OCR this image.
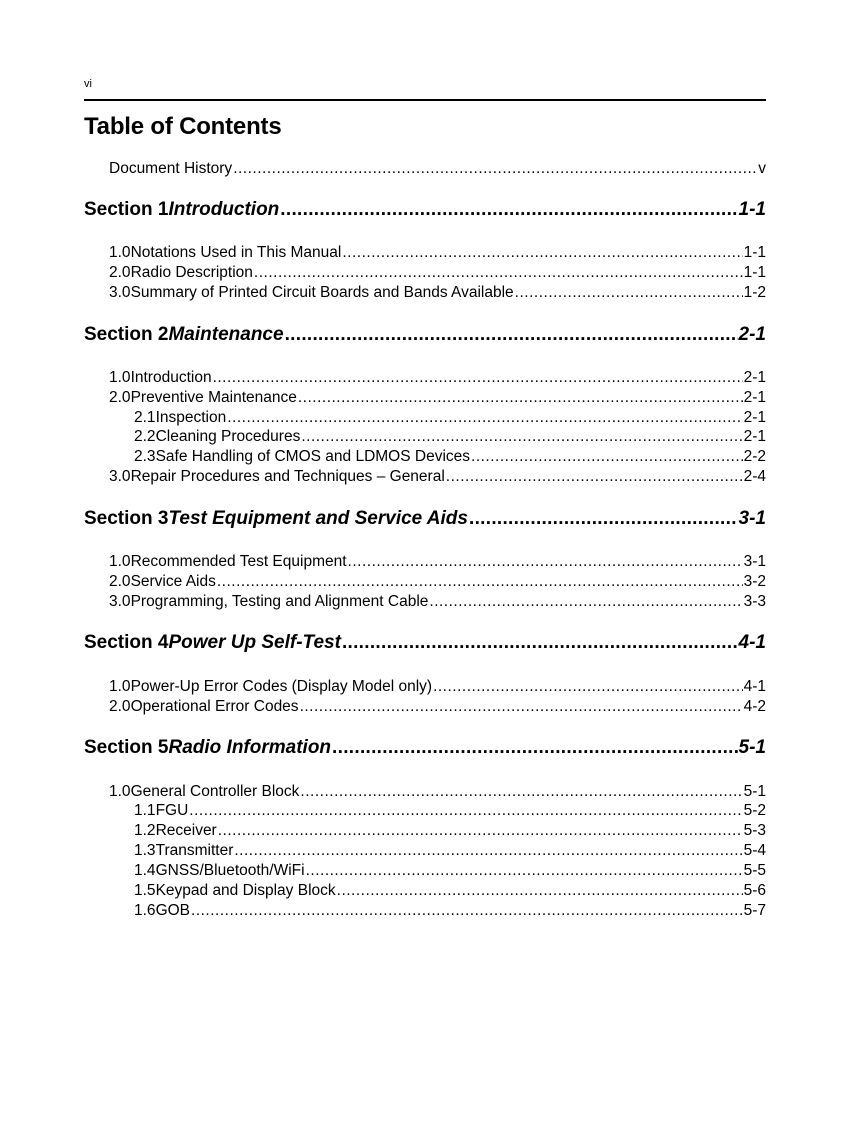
vi
Table of Contents
Document History .....	v
Section 1 Introduction .....	1-1
1.0 Notations Used in This Manual .....	1-1
2.0 Radio Description .....	1-1
3.0 Summary of Printed Circuit Boards and Bands Available .....	1-2
Section 2 Maintenance .....	2-1
1.0 Introduction .....	2-1
2.0 Preventive Maintenance .....	2-1
2.1 Inspection .....	2-1
2.2 Cleaning Procedures .....	2-1
2.3 Safe Handling of CMOS and LDMOS Devices .....	2-2
3.0 Repair Procedures and Techniques – General .....	2-4
Section 3 Test Equipment and Service Aids .....	3-1
1.0 Recommended Test Equipment .....	3-1
2.0 Service Aids .....	3-2
3.0 Programming, Testing and Alignment Cable .....	3-3
Section 4 Power Up Self-Test .....	4-1
1.0 Power-Up Error Codes (Display Model only) .....	4-1
2.0 Operational Error Codes .....	4-2
Section 5 Radio Information .....	5-1
1.0 General Controller Block .....	5-1
1.1 FGU .....	5-2
1.2 Receiver .....	5-3
1.3 Transmitter .....	5-4
1.4 GNSS/Bluetooth/WiFi .....	5-5
1.5 Keypad and Display Block .....	5-6
1.6 GOB .....	5-7
